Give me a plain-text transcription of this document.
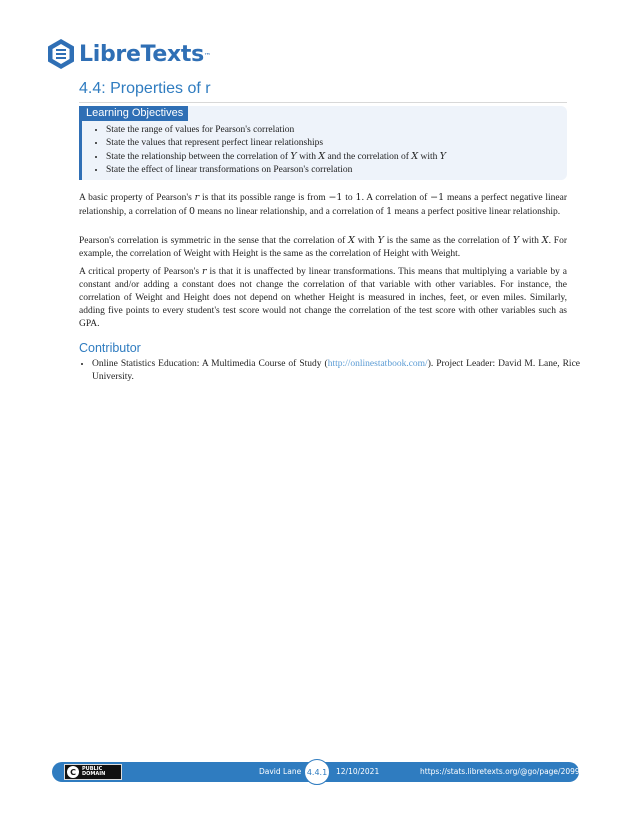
LibreTexts ™
4.4: Properties of r
Learning Objectives
• State the range of values for Pearson's correlation
• State the values that represent perfect linear relationships
• State the relationship between the correlation of Y with X and the correlation of X with Y
• State the effect of linear transformations on Pearson's correlation

A basic property of Pearson's r is that its possible range is from −1 to 1. A correlation of −1 means a perfect negative linear relationship, a correlation of 0 means no linear relationship, and a correlation of 1 means a perfect positive linear relationship.

Pearson's correlation is symmetric in the sense that the correlation of X with Y is the same as the correlation of Y with X. For example, the correlation of Weight with Height is the same as the correlation of Height with Weight.

A critical property of Pearson's r is that it is unaffected by linear transformations. This means that multiplying a variable by a constant and/or adding a constant does not change the correlation of that variable with other variables. For instance, the correlation of Weight and Height does not depend on whether Height is measured in inches, feet, or even miles. Similarly, adding five points to every student's test score would not change the correlation of the test score with other variables such as GPA.

Contributor
• Online Statistics Education: A Multimedia Course of Study (http://onlinestatbook.com/). Project Leader: David M. Lane, Rice University.
C	PUBLIC
DOMAIN	David Lane 4.4.1	12/10/2021	https://stats.libretexts.org/@go/page/2099
